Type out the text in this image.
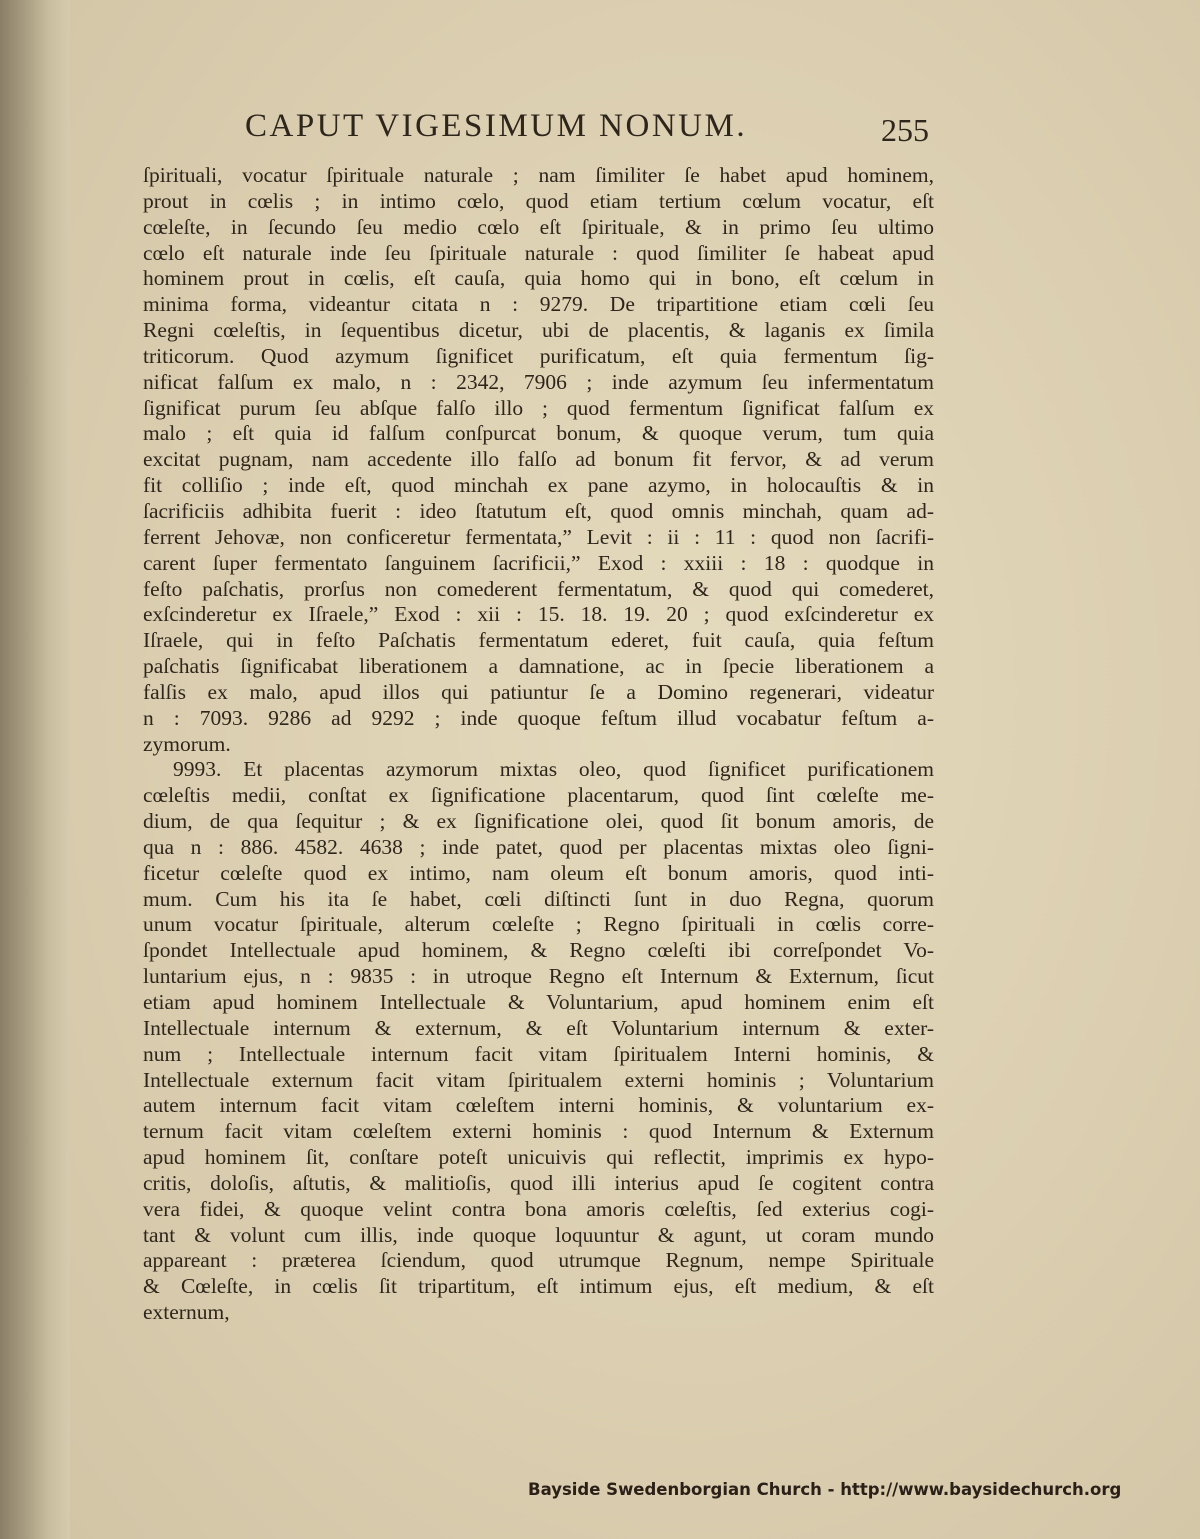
CAPUT VIGESIMUM NONUM.	255
ſpirituali, vocatur ſpirituale naturale ; nam ſimiliter ſe habet apud hominem,
prout in cœlis ; in intimo cœlo, quod etiam tertium cœlum vocatur, eſt
cœleſte, in ſecundo ſeu medio cœlo eſt ſpirituale, & in primo ſeu ultimo
cœlo eſt naturale inde ſeu ſpirituale naturale : quod ſimiliter ſe habeat apud
hominem prout in cœlis, eſt cauſa, quia homo qui in bono, eſt cœlum in
minima forma, videantur citata n : 9279. De tripartitione etiam cœli ſeu
Regni cœleſtis, in ſequentibus dicetur, ubi de placentis, & laganis ex ſimila
triticorum. Quod azymum ſignificet purificatum, eſt quia fermentum ſig-
nificat falſum ex malo, n : 2342, 7906 ; inde azymum ſeu infermentatum
ſignificat purum ſeu abſque falſo illo ; quod fermentum ſignificat falſum ex
malo ; eſt quia id falſum conſpurcat bonum, & quoque verum, tum quia
excitat pugnam, nam accedente illo falſo ad bonum fit fervor, & ad verum
fit colliſio ; inde eſt, quod minchah ex pane azymo, in holocauſtis & in
ſacrificiis adhibita fuerit : ideo ſtatutum eſt, quod omnis minchah, quam ad-
ferrent Jehovæ, non conficeretur fermentata,” Levit : ii : 11 : quod non ſacrifi-
carent ſuper fermentato ſanguinem ſacrificii,” Exod : xxiii : 18 : quodque in
feſto paſchatis, prorſus non comederent fermentatum, & quod qui comederet,
exſcinderetur ex Iſraele,” Exod : xii : 15. 18. 19. 20 ; quod exſcinderetur ex
Iſraele, qui in feſto Paſchatis fermentatum ederet, fuit cauſa, quia feſtum
paſchatis ſignificabat liberationem a damnatione, ac in ſpecie liberationem a
falſis ex malo, apud illos qui patiuntur ſe a Domino regenerari, videatur
n : 7093. 9286 ad 9292 ; inde quoque feſtum illud vocabatur feſtum a-
zymorum.
9993. Et placentas azymorum mixtas oleo, quod ſignificet purificationem
cœleſtis medii, conſtat ex ſignificatione placentarum, quod ſint cœleſte me-
dium, de qua ſequitur ; & ex ſignificatione olei, quod ſit bonum amoris, de
qua n : 886. 4582. 4638 ; inde patet, quod per placentas mixtas oleo ſigni-
ficetur cœleſte quod ex intimo, nam oleum eſt bonum amoris, quod inti-
mum. Cum his ita ſe habet, cœli diſtincti ſunt in duo Regna, quorum
unum vocatur ſpirituale, alterum cœleſte ; Regno ſpirituali in cœlis corre-
ſpondet Intellectuale apud hominem, & Regno cœleſti ibi correſpondet Vo-
luntarium ejus, n : 9835 : in utroque Regno eſt Internum & Externum, ſicut
etiam apud hominem Intellectuale & Voluntarium, apud hominem enim eſt
Intellectuale internum & externum, & eſt Voluntarium internum & exter-
num ; Intellectuale internum facit vitam ſpiritualem Interni hominis, &
Intellectuale externum facit vitam ſpiritualem externi hominis ; Voluntarium
autem internum facit vitam cœleſtem interni hominis, & voluntarium ex-
ternum facit vitam cœleſtem externi hominis : quod Internum & Externum
apud hominem ſit, conſtare poteſt unicuivis qui reflectit, imprimis ex hypo-
critis, doloſis, aſtutis, & malitioſis, quod illi interius apud ſe cogitent contra
vera fidei, & quoque velint contra bona amoris cœleſtis, ſed exterius cogi-
tant & volunt cum illis, inde quoque loquuntur & agunt, ut coram mundo
appareant : præterea ſciendum, quod utrumque Regnum, nempe Spirituale
& Cœleſte, in cœlis ſit tripartitum, eſt intimum ejus, eſt medium, & eſt
externum,
Bayside Swedenborgian Church - http://www.baysidechurch.org
